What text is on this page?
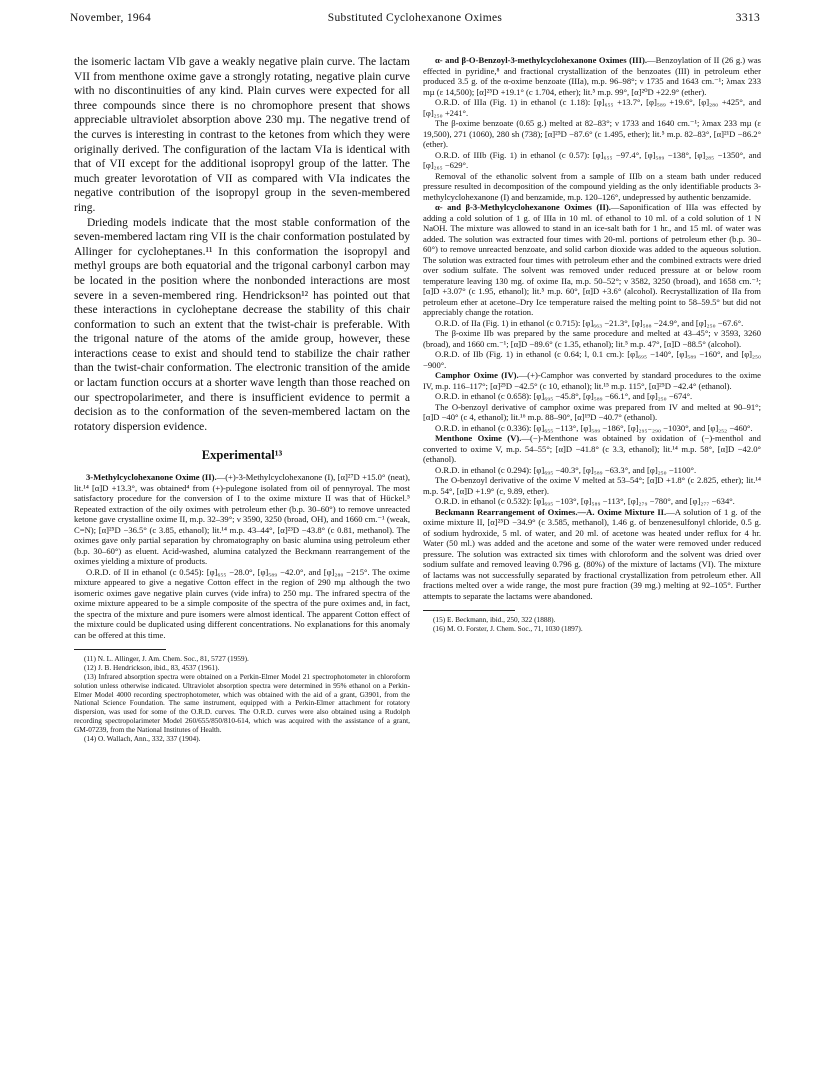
November, 1964	Substituted Cyclohexanone Oximes	3313

the isomeric lactam VIb gave a weakly negative plain curve. The lactam VII from menthone oxime gave a strongly rotating, negative plain curve with no discontinuities of any kind. Plain curves were expected for all three compounds since there is no chromophore present that shows appreciable ultraviolet absorption above 230 mµ. The negative trend of the curves is interesting in contrast to the ketones from which they were originally derived. The configuration of the lactam VIa is identical with that of VII except for the additional isopropyl group of the latter. The much greater levorotation of VII as compared with VIa indicates the negative contribution of the isopropyl group in the seven-membered ring.

Drieding models indicate that the most stable conformation of the seven-membered lactam ring VII is the chair conformation postulated by Allinger for cycloheptanes.¹¹ In this conformation the isopropyl and methyl groups are both equatorial and the trigonal carbonyl carbon may be located in the position where the nonbonded interactions are most severe in a seven-membered ring. Hendrickson¹² has pointed out that these interactions in cycloheptane decrease the stability of this chair conformation to such an extent that the twist-chair is preferable. With the trigonal nature of the atoms of the amide group, however, these interactions cease to exist and should tend to stabilize the chair rather than the twist-chair conformation. The electronic transition of the amide or lactam function occurs at a shorter wave length than those reached on our spectropolarimeter, and there is insufficient evidence to permit a decision as to the conformation of the seven-membered lactam on the rotatory dispersion evidence.

Experimental¹³

3-Methylcyclohexanone Oxime (II).—(+)-3-Methylcyclohexanone (I), [α]²⁷D +15.0° (neat), lit.¹⁴ [α]D +13.3°, was obtained⁴ from (+)-pulegone isolated from oil of pennyroyal. The most satisfactory procedure for the conversion of I to the oxime mixture II was that of Hückel.⁵ Repeated extraction of the oily oximes with petroleum ether (b.p. 30–60°) to remove unreacted ketone gave crystalline oxime II, m.p. 32–39°; ν 3590, 3250 (broad, OH), and 1660 cm.⁻¹ (weak, C=N); [α]²⁵D −36.5° (c 3.85, ethanol); lit.¹⁴ m.p. 43–44°, [α]²³D −43.8° (c 0.81, methanol). The oximes gave only partial separation by chromatography on basic alumina using petroleum ether (b.p. 30–60°) as eluent. Acid-washed, alumina catalyzed the Beckmann rearrangement of the oximes yielding a mixture of products.

O.R.D. of II in ethanol (c 0.545): [φ]₆₅₅ −28.0°, [φ]₅₈₉ −42.0°, and [φ]₂₈₀ −215°. The oxime mixture appeared to give a negative Cotton effect in the region of 290 mµ although the two isomeric oximes gave negative plain curves (vide infra) to 250 mµ. The infrared spectra of the oxime mixture appeared to be a simple composite of the spectra of the pure oximes and, in fact, the spectra of the mixture and pure isomers were almost identical. The apparent Cotton effect of the mixture could be duplicated using different concentrations. No explanations for this anomaly can be offered at this time.

(11) N. L. Allinger, J. Am. Chem. Soc., 81, 5727 (1959).

(12) J. B. Hendrickson, ibid., 83, 4537 (1961).

(13) Infrared absorption spectra were obtained on a Perkin-Elmer Model 21 spectrophotometer in chloroform solution unless otherwise indicated. Ultraviolet absorption spectra were determined in 95% ethanol on a Perkin-Elmer Model 4000 recording spectrophotometer, which was obtained with the aid of a grant, G3901, from the National Science Foundation. The same instrument, equipped with a Perkin-Elmer attachment for rotatory dispersion, was used for some of the O.R.D. curves. The O.R.D. curves were also obtained using a Rudolph recording spectropolarimeter Model 260/655/850/810-614, which was acquired with the assistance of a grant, GM-07239, from the National Institutes of Health.

(14) O. Wallach, Ann., 332, 337 (1904).

α- and β-O-Benzoyl-3-methylcyclohexanone Oximes (III).—Benzoylation of II (26 g.) was effected in pyridine,⁸ and fractional crystallization of the benzoates (III) in petroleum ether produced 3.5 g. of the α-oxime benzoate (IIIa), m.p. 96–98°; ν 1735 and 1643 cm.⁻¹; λmax 233 mµ (ε 14,500); [α]²⁵D +19.1° (c 1.704, ether); lit.⁵ m.p. 99°, [α]²⁰D +22.9° (ether).

O.R.D. of IIIa (Fig. 1) in ethanol (c 1.18): [φ]₆₅₅ +13.7°, [φ]₅₈₉ +19.6°, [φ]₂₈₀ +425°, and [φ]₂₅₀ +241°.

The β-oxime benzoate (0.65 g.) melted at 82–83°; ν 1733 and 1640 cm.⁻¹; λmax 233 mµ (ε 19,500), 271 (1060), 280 sh (738); [α]²⁵D −87.6° (c 1.495, ether); lit.⁵ m.p. 82–83°, [α]²¹D −86.2° (ether).

O.R.D. of IIIb (Fig. 1) in ethanol (c 0.57): [φ]₆₅₅ −97.4°, [φ]₅₈₉ −138°, [φ]₂₈₅ −1350°, and [φ]₂₆₅ −629°.

Removal of the ethanolic solvent from a sample of IIIb on a steam bath under reduced pressure resulted in decomposition of the compound yielding as the only identifiable products 3-methylcyclohexanone (I) and benzamide, m.p. 120–126°, undepressed by authentic benzamide.

α- and β-3-Methylcyclohexanone Oximes (II).—Saponification of IIIa was effected by adding a cold solution of 1 g. of IIIa in 10 ml. of ethanol to 10 ml. of a cold solution of 1 N NaOH. The mixture was allowed to stand in an ice-salt bath for 1 hr., and 15 ml. of water was added. The solution was extracted four times with 20-ml. portions of petroleum ether (b.p. 30–60°) to remove unreacted benzoate, and solid carbon dioxide was added to the aqueous solution. The solution was extracted four times with petroleum ether and the combined extracts were dried over sodium sulfate. The solvent was removed under reduced pressure at or below room temperature leaving 130 mg. of oxime IIa, m.p. 50–52°; ν 3582, 3250 (broad), and 1658 cm.⁻¹; [α]D +3.07° (c 1.95, ethanol); lit.⁵ m.p. 60°, [α]D +3.6° (alcohol). Recrystallization of IIa from petroleum ether at acetone–Dry Ice temperature raised the melting point to 58–59.5° but did not appreciably change the rotation.

O.R.D. of IIa (Fig. 1) in ethanol (c 0.715): [φ]₆₆₃ −21.3°, [φ]₅₈₈ −24.9°, and [φ]₂₅₀ −67.6°.

The β-oxime IIb was prepared by the same procedure and melted at 43–45°; ν 3593, 3260 (broad), and 1660 cm.⁻¹; [α]D −89.6° (c 1.35, ethanol); lit.⁵ m.p. 47°, [α]D −88.5° (alcohol).

O.R.D. of IIb (Fig. 1) in ethanol (c 0.64; l, 0.1 cm.): [φ]₆₉₅ −140°, [φ]₅₈₉ −160°, and [φ]₂₅₀ −900°.

Camphor Oxime (IV).—(+)-Camphor was converted by standard procedures to the oxime IV, m.p. 116–117°; [α]²⁵D −42.5° (c 10, ethanol); lit.¹⁵ m.p. 115°, [α]²⁵D −42.4° (ethanol).

O.R.D. in ethanol (c 0.658): [φ]₆₉₅ −45.8°, [φ]₅₈₉ −66.1°, and [φ]₂₅₀ −674°.

The O-benzoyl derivative of camphor oxime was prepared from IV and melted at 90–91°; [α]D −40° (c 4, ethanol); lit.¹⁶ m.p. 88–90°, [α]¹⁹D −40.7° (ethanol).

O.R.D. in ethanol (c 0.336): [φ]₆₅₅ −113°, [φ]₅₈₉ −186°, [φ]₂₉₅₋₂₉₀ −1030°, and [φ]₂₅₂ −460°.

Menthone Oxime (V).—(−)-Menthone was obtained by oxidation of (−)-menthol and converted to oxime V, m.p. 54–55°; [α]D −41.8° (c 3.3, ethanol); lit.¹⁴ m.p. 58°, [α]D −42.0° (ethanol).

O.R.D. in ethanol (c 0.294): [φ]₆₉₅ −40.3°, [φ]₅₈₉ −63.3°, and [φ]₂₅₀ −1100°.

The O-benzoyl derivative of the oxime V melted at 53–54°; [α]D +1.8° (c 2.825, ether); lit.¹⁴ m.p. 54°, [α]D +1.9° (c, 9.89, ether).

O.R.D. in ethanol (c 0.532): [φ]₆₉₅ −103°, [φ]₅₈₉ −113°, [φ]₂₇₉ −780°, and [φ]₂₇₇ −634°.

Beckmann Rearrangement of Oximes.—A. Oxime Mixture II.—A solution of 1 g. of the oxime mixture II, [α]²⁵D −34.9° (c 3.585, methanol), 1.46 g. of benzenesulfonyl chloride, 0.5 g. of sodium hydroxide, 5 ml. of water, and 20 ml. of acetone was heated under reflux for 4 hr. Water (50 ml.) was added and the acetone and some of the water were removed under reduced pressure. The solution was extracted six times with chloroform and the solvent was dried over sodium sulfate and removed leaving 0.796 g. (80%) of the mixture of lactams (VI). The mixture of lactams was not successfully separated by fractional crystallization from petroleum ether. All fractions melted over a wide range, the most pure fraction (39 mg.) melting at 92–105°. Further attempts to separate the lactams were abandoned.

(15) E. Beckmann, ibid., 250, 322 (1888).

(16) M. O. Forster, J. Chem. Soc., 71, 1030 (1897).
